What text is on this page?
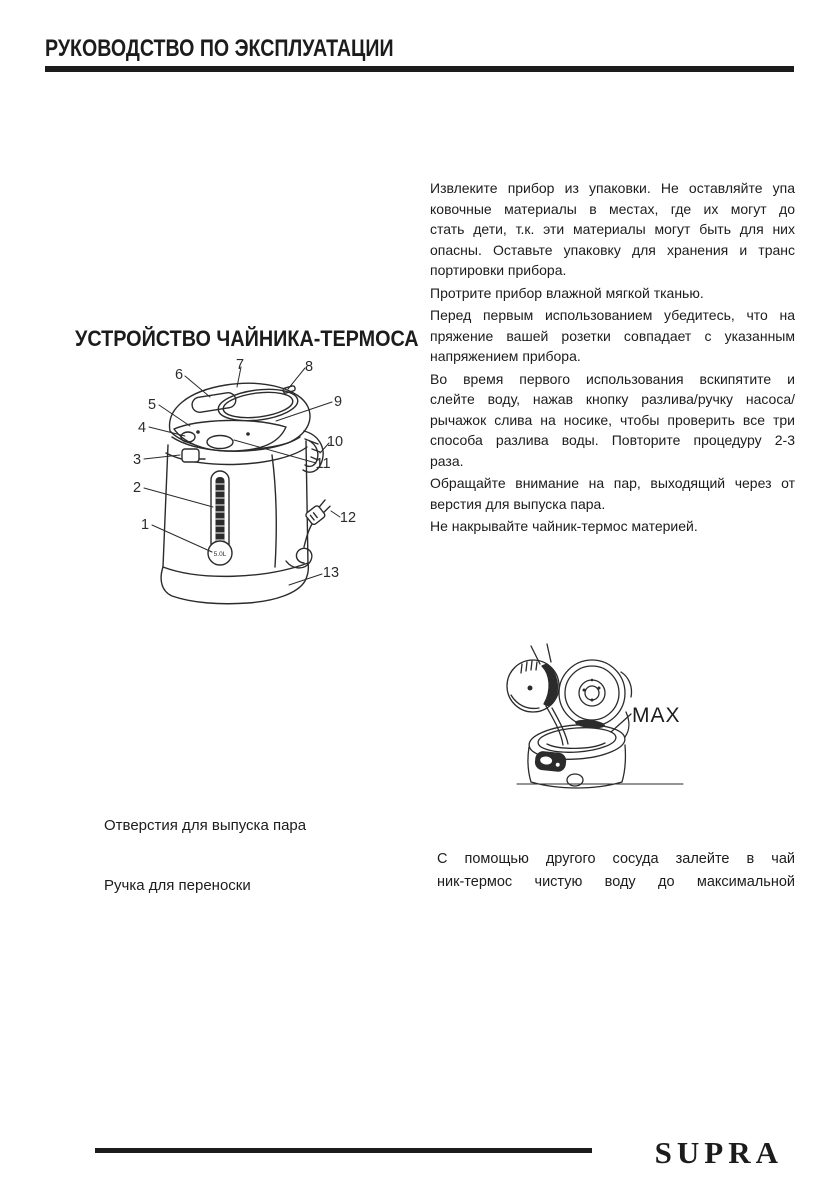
РУКОВОДСТВО ПО ЭКСПЛУАТАЦИИ
УСТРОЙСТВО ЧАЙНИКА-ТЕРМОСА
5.0L
1
2
3
4
5
6
7	8
9
10
11
12
13
Извлеките прибор из упаковки. Не оставляйте упа
ковочные материалы в местах, где их могут до
стать дети, т.к. эти материалы могут быть для них
опасны. Оставьте упаковку для хранения и транс
портировки прибора.
Протрите прибор влажной мягкой тканью.
Перед первым использованием убедитесь, что на
пряжение вашей розетки совпадает с указанным
напряжением прибора.
Во время первого использования вскипятите и
слейте воду, нажав кнопку разлива/ручку насоса/
рычажок слива на носике, чтобы проверить все три
способа разлива воды. Повторите процедуру 2-3
раза.
Обращайте внимание на пар, выходящий через от
верстия для выпуска пара.
Не накрывайте чайник-термос материей.
MAX
Отверстия для выпуска пара
Ручка для переноски
С помощью другого сосуда залейте в чай
ник-термос чистую воду до максимальной
SUPRA
